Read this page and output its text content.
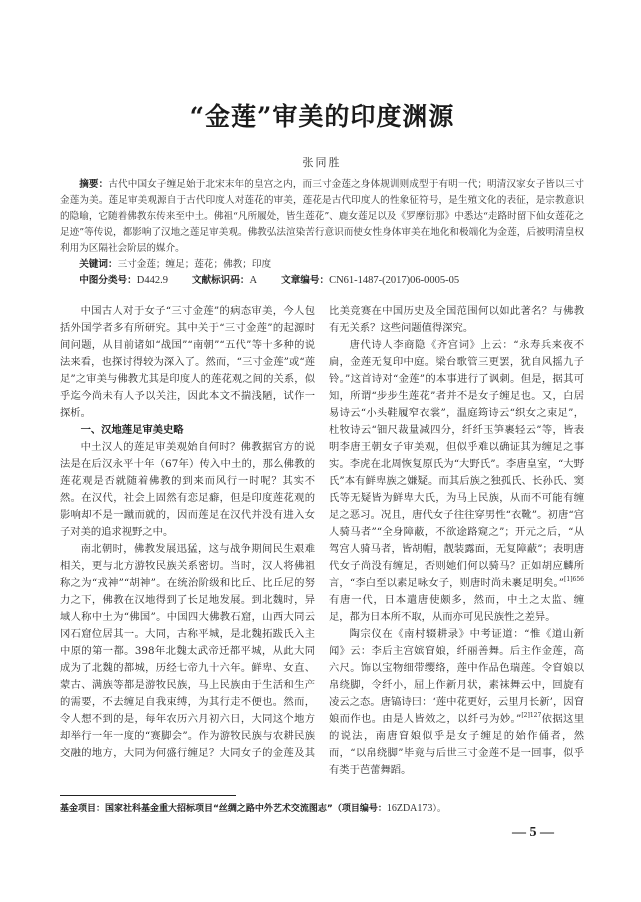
“金莲”审美的印度渊源
张同胜
摘要：古代中国女子缠足始于北宋末年的皇宫之内，而三寸金莲之身体规训则成型于有明一代；明清汉家女子皆以三寸金莲为美。莲足审美观源自于古代印度人对莲花的审美，莲花是古代印度人的性象征符号，是生殖文化的表征，是宗教意识的隐喻，它随着佛教东传来至中土。佛祖“凡所履处，皆生莲花”、鹿女莲足以及《罗摩衍那》中悉达“走路时留下仙女莲花之足迹”等传说，都影响了汉地之莲足审美观。佛教弘法渲染苦行意识而使女性身体审美在地化和极端化为金莲，后被明清皇权利用为区隔社会阶层的媒介。
关键词：三寸金莲；缠足；莲花；佛教；印度
中图分类号：D442.9	文献标识码：A	文章编号：CN61-1487-(2017)06-0005-05

中国古人对于女子“三寸金莲”的病态审美，今人包括外国学者多有所研究。其中关于“三寸金莲”的起源时间问题，从目前诸如“战国”“南朝”“五代”等十多种的说法来看，也探讨得较为深入了。然而，“三寸金莲”或“莲足”之审美与佛教尤其是印度人的莲花观之间的关系，似乎迄今尚未有人予以关注，因此本文不揣浅陋，试作一探析。

一、汉地莲足审美史略

中土汉人的莲足审美观始自何时？佛教据官方的说法是在后汉永平十年（67年）传入中土的，那么佛教的莲花观是否就随着佛教的到来而风行一时呢？其实不然。在汉代，社会上固然有恋足癖，但是印度莲花观的影响却不是一蹴而就的，因而莲足在汉代并没有进入女子对美的追求视野之中。

南北朝时，佛教发展迅猛，这与战争期间民生艰难相关，更与北方游牧民族关系密切。当时，汉人将佛祖称之为“戎神”“胡神”。在统治阶级和比丘、比丘尼的努力之下，佛教在汉地得到了长足地发展。到北魏时，异域人称中土为“佛国”。中国四大佛教石窟，山西大同云冈石窟位居其一。大同，古称平城，是北魏拓跋氏入主中原的第一都。398年北魏太武帝迁都平城，从此大同成为了北魏的都城，历经七帝九十六年。鲜卑、女直、蒙古、满族等都是游牧民族，马上民族由于生活和生产的需要，不去缠足自我束缚，为其行走不便也。然而，令人想不到的是，每年农历六月初六日，大同这个地方却举行一年一度的“赛脚会”。作为游牧民族与农耕民族交融的地方，大同为何盛行缠足？大同女子的金莲及其比美竞赛在中国历史及全国范围何以如此著名？与佛教有无关系？这些问题值得深究。

唐代诗人李商隐《齐宫词》上云：“永寿兵来夜不扃，金莲无复印中庭。梁台歌管三更罢，犹自风摇九子铃。”这首诗对“金莲”的本事进行了讽刺。但是，据其可知，所谓“步步生莲花”者并不是女子缠足也。又，白居易诗云“小头鞋履窄衣裳”，温庭筠诗云“织女之束足”，杜牧诗云“钿尺裁量减四分，纤纤玉笋裹轻云”等，皆表明李唐王朝女子审美观，但似乎难以确证其为缠足之事实。李虎在北周恢复原氏为“大野氏”。李唐皇室，“大野氏”本有鲜卑族之嫌疑。而其后族之独孤氏、长孙氏、窦氏等无疑皆为鲜卑大氏，为马上民族，从而不可能有缠足之恶习。况且，唐代女子往往穿男性“衣靴”。初唐“宫人骑马者”“全身障蔽，不欲途路窥之”；开元之后，“从驾宫人骑马者，皆胡帽，靓装露面，无复障蔽”；表明唐代女子尚没有缠足，否则她们何以骑马？正如胡应麟所言，“李白至以素足咏女子，则唐时尚未裹足明矣。”$^{[1]656}$有唐一代，日本遣唐使颇多，然而，中土之太监、缠足，都为日本所不取，从而亦可见民族性之差异。

陶宗仪在《南村辍耕录》中考证道：“惟《道山新闻》云：李后主宫嫔窅娘，纤丽善舞。后主作金莲，高六尺。饰以宝物细带缨络，莲中作品色瑞莲。令窅娘以帛绕脚，令纤小，屈上作新月状，素袜舞云中，回旋有凌云之态。唐镐诗曰：‘莲中花更好，云里月长新’，因窅娘而作也。由是人皆效之，以纤弓为妙。”$^{[2]127}$依据这里的说法，南唐窅娘似乎是女子缠足的始作俑者，然而，“以帛绕脚”毕竟与后世三寸金莲不是一回事，似乎有类于芭蕾舞蹈。

基金项目：国家社科基金重大招标项目“丝绸之路中外艺术交流图志”（项目编号：16ZDA173）。
— 5 —
